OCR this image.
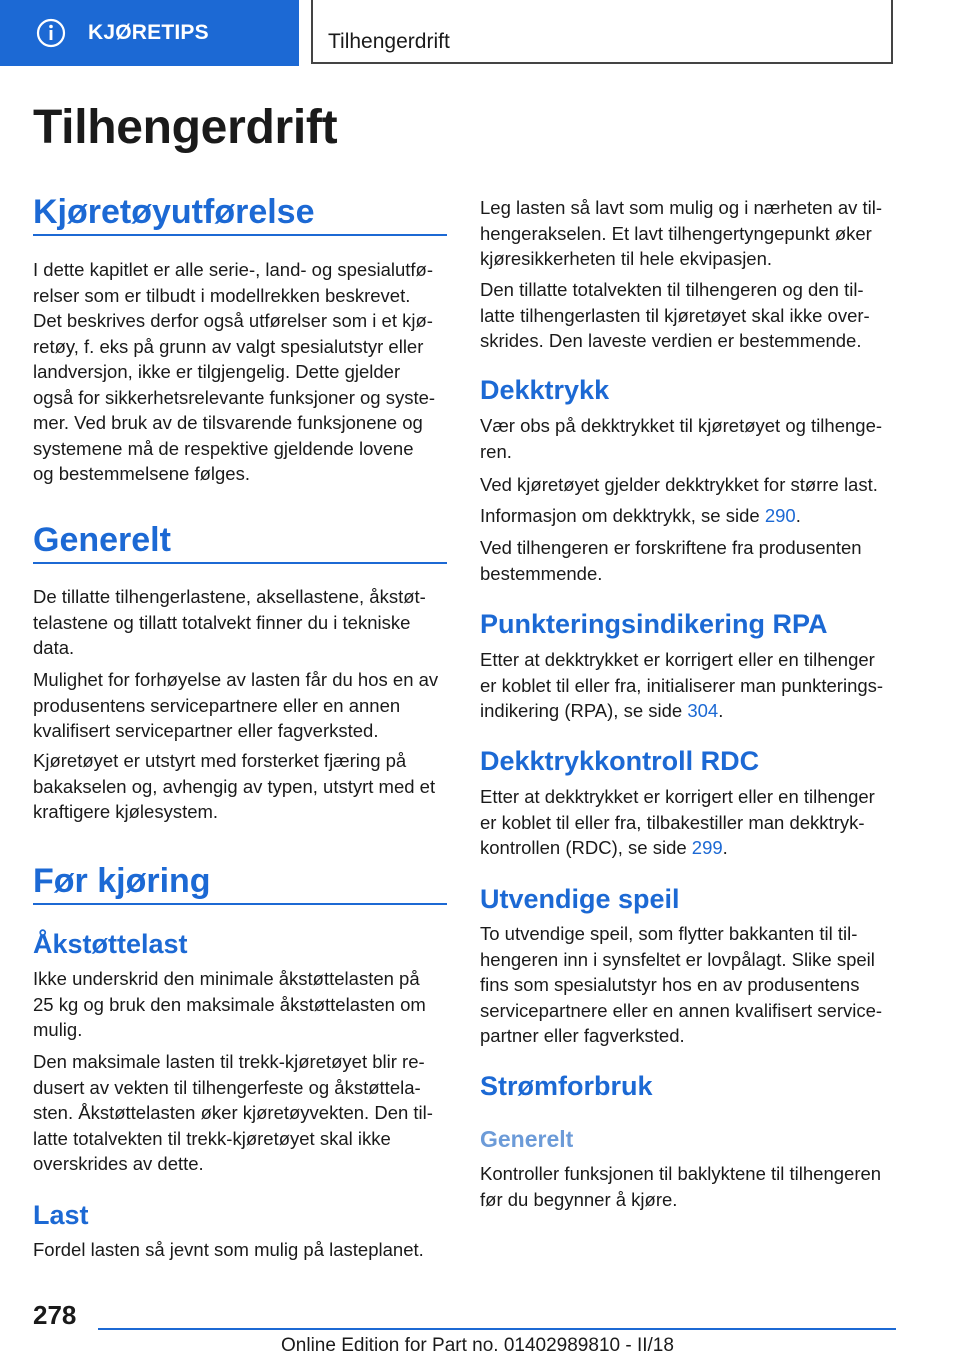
KJØRETIPS	Tilhengerdrift
Tilhengerdrift
Kjøretøyutførelse

I dette kapitlet er alle serie-, land- og spesialutfø-
relser som er tilbudt i modellrekken beskrevet.
Det beskrives derfor også utførelser som i et kjø-
retøy, f. eks på grunn av valgt spesialutstyr eller
landversjon, ikke er tilgjengelig. Dette gjelder
også for sikkerhetsrelevante funksjoner og syste-
mer. Ved bruk av de tilsvarende funksjonene og
systemene må de respektive gjeldende lovene
og bestemmelsene følges.

Generelt

De tillatte tilhengerlastene, aksellastene, åkstøt-
telastene og tillatt totalvekt finner du i tekniske
data.

Mulighet for forhøyelse av lasten får du hos en av
produsentens servicepartnere eller en annen
kvalifisert servicepartner eller fagverksted.

Kjøretøyet er utstyrt med forsterket fjæring på
bakakselen og, avhengig av typen, utstyrt med et
kraftigere kjølesystem.

Før kjøring
Åkstøttelast

Ikke underskrid den minimale åkstøttelasten på
25 kg og bruk den maksimale åkstøttelasten om
mulig.

Den maksimale lasten til trekk-kjøretøyet blir re-
dusert av vekten til tilhengerfeste og åkstøttela-
sten. Åkstøttelasten øker kjøretøyvekten. Den til-
latte totalvekten til trekk-kjøretøyet skal ikke
overskrides av dette.

Last

Fordel lasten så jevnt som mulig på lasteplanet.

Leg lasten så lavt som mulig og i nærheten av til-
hengerakselen. Et lavt tilhengertyngepunkt øker
kjøresikkerheten til hele ekvipasjen.

Den tillatte totalvekten til tilhengeren og den til-
latte tilhengerlasten til kjøretøyet skal ikke over-
skrides. Den laveste verdien er bestemmende.

Dekktrykk

Vær obs på dekktrykket til kjøretøyet og tilhenge-
ren.

Ved kjøretøyet gjelder dekktrykket for større last.

Informasjon om dekktrykk, se side 290.

Ved tilhengeren er forskriftene fra produsenten
bestemmende.

Punkteringsindikering RPA

Etter at dekktrykket er korrigert eller en tilhenger
er koblet til eller fra, initialiserer man punkterings-
indikering (RPA), se side 304.

Dekktrykkontroll RDC

Etter at dekktrykket er korrigert eller en tilhenger
er koblet til eller fra, tilbakestiller man dekktryk-
kontrollen (RDC), se side 299.

Utvendige speil

To utvendige speil, som flytter bakkanten til til-
hengeren inn i synsfeltet er lovpålagt. Slike speil
fins som spesialutstyr hos en av produsentens
servicepartnere eller en annen kvalifisert service-
partner eller fagverksted.

Strømforbruk
Generelt

Kontroller funksjonen til baklyktene til tilhengeren
før du begynner å kjøre.

278

Online Edition for Part no. 01402989810 - II/18
